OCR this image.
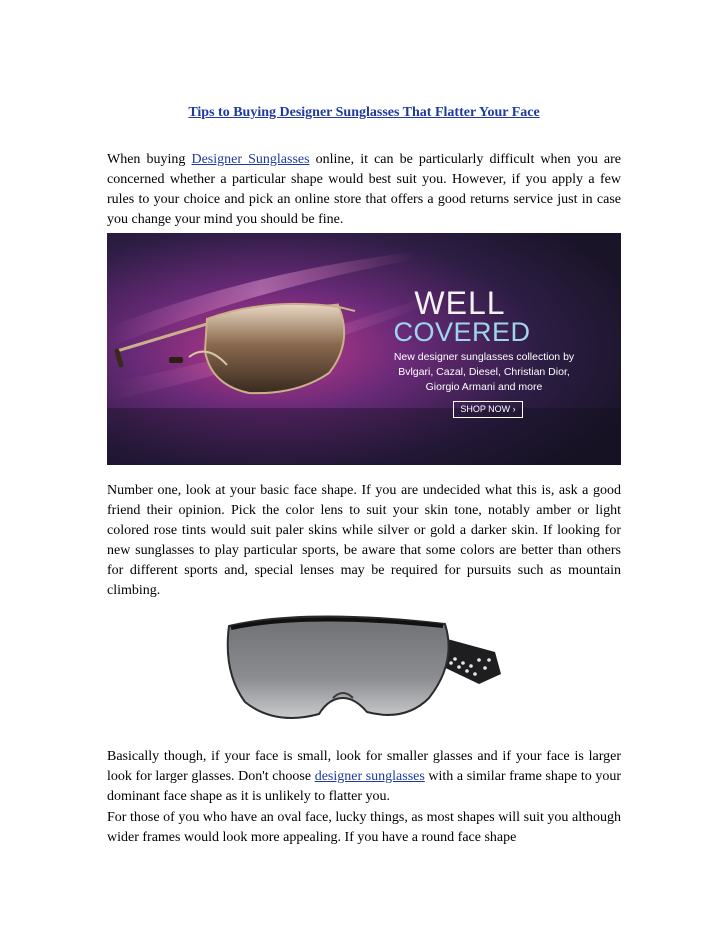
Tips to Buying Designer Sunglasses That Flatter Your Face

When buying Designer Sunglasses online, it can be particularly difficult when you are concerned whether a particular shape would best suit you. However, if you apply a few rules to your choice and pick an online store that offers a good returns service just in case you change your mind you should be fine.

WELL
COVERED
New designer sunglasses collection by
Bvlgari, Cazal, Diesel, Christian Dior,
Giorgio Armani and more
SHOP NOW ›

Number one, look at your basic face shape. If you are undecided what this is, ask a good friend their opinion. Pick the color lens to suit your skin tone, notably amber or light colored rose tints would suit paler skins while silver or gold a darker skin. If looking for new sunglasses to play particular sports, be aware that some colors are better than others for different sports and, special lenses may be required for pursuits such as mountain climbing.

Basically though, if your face is small, look for smaller glasses and if your face is larger look for larger glasses. Don't choose designer sunglasses with a similar frame shape to your dominant face shape as it is unlikely to flatter you.

For those of you who have an oval face, lucky things, as most shapes will suit you although wider frames would look more appealing. If you have a round face shape
